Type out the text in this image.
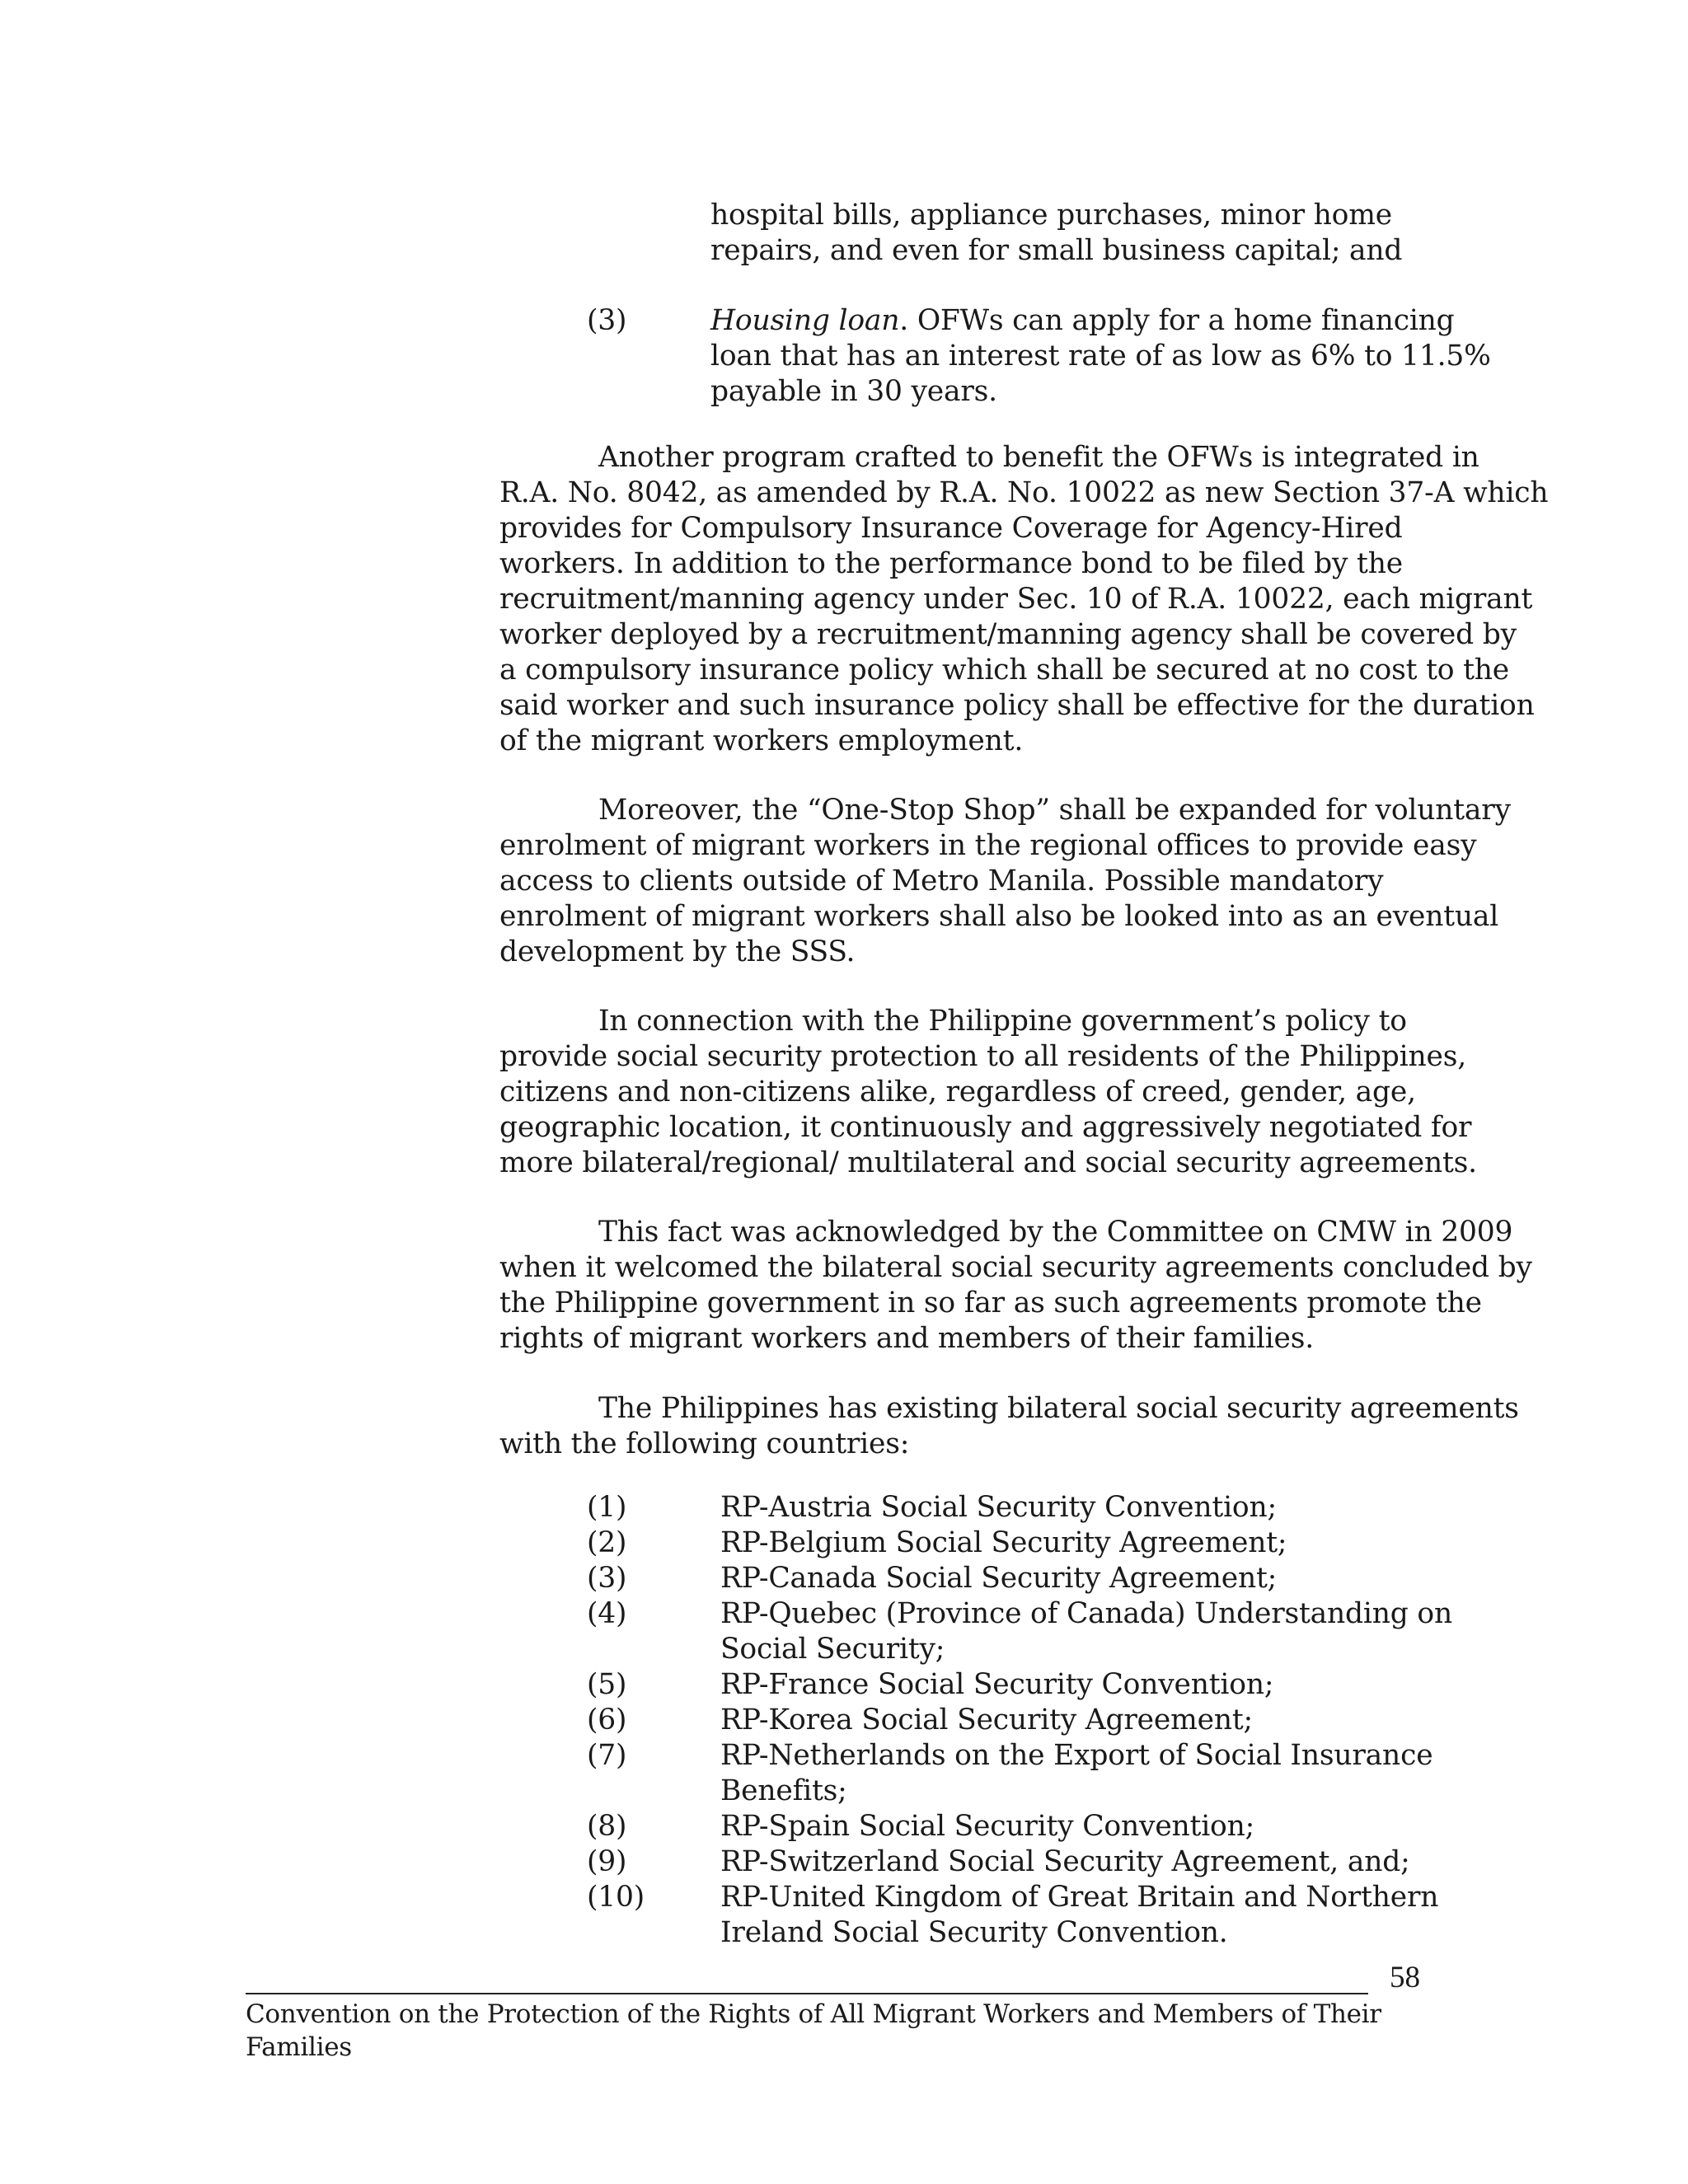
hospital bills, appliance purchases, minor home
repairs, and even for small business capital; and
(3)	Housing loan. OFWs can apply for a home financing
loan that has an interest rate of as low as 6% to 11.5%
payable in 30 years.
Another program crafted to benefit the OFWs is integrated in
R.A. No. 8042, as amended by R.A. No. 10022 as new Section 37-A which
provides for Compulsory Insurance Coverage for Agency-Hired
workers. In addition to the performance bond to be filed by the
recruitment/manning agency under Sec. 10 of R.A. 10022, each migrant
worker deployed by a recruitment/manning agency shall be covered by
a compulsory insurance policy which shall be secured at no cost to the
said worker and such insurance policy shall be effective for the duration
of the migrant workers employment.
Moreover, the “One-Stop Shop” shall be expanded for voluntary
enrolment of migrant workers in the regional offices to provide easy
access to clients outside of Metro Manila. Possible mandatory
enrolment of migrant workers shall also be looked into as an eventual
development by the SSS.
In connection with the Philippine government’s policy to
provide social security protection to all residents of the Philippines,
citizens and non-citizens alike, regardless of creed, gender, age,
geographic location, it continuously and aggressively negotiated for
more bilateral/regional/ multilateral and social security agreements.
This fact was acknowledged by the Committee on CMW in 2009
when it welcomed the bilateral social security agreements concluded by
the Philippine government in so far as such agreements promote the
rights of migrant workers and members of their families.
The Philippines has existing bilateral social security agreements
with the following countries:
(1)	RP-Austria Social Security Convention;
(2)	RP-Belgium Social Security Agreement;
(3)	RP-Canada Social Security Agreement;
(4)	RP-Quebec (Province of Canada) Understanding on
Social Security;
(5)	RP-France Social Security Convention;
(6)	RP-Korea Social Security Agreement;
(7)	RP-Netherlands on the Export of Social Insurance
Benefits;
(8)	RP-Spain Social Security Convention;
(9)	RP-Switzerland Social Security Agreement, and;
(10)	RP-United Kingdom of Great Britain and Northern
Ireland Social Security Convention.
58
Convention on the Protection of the Rights of All Migrant Workers and Members of Their
Families
